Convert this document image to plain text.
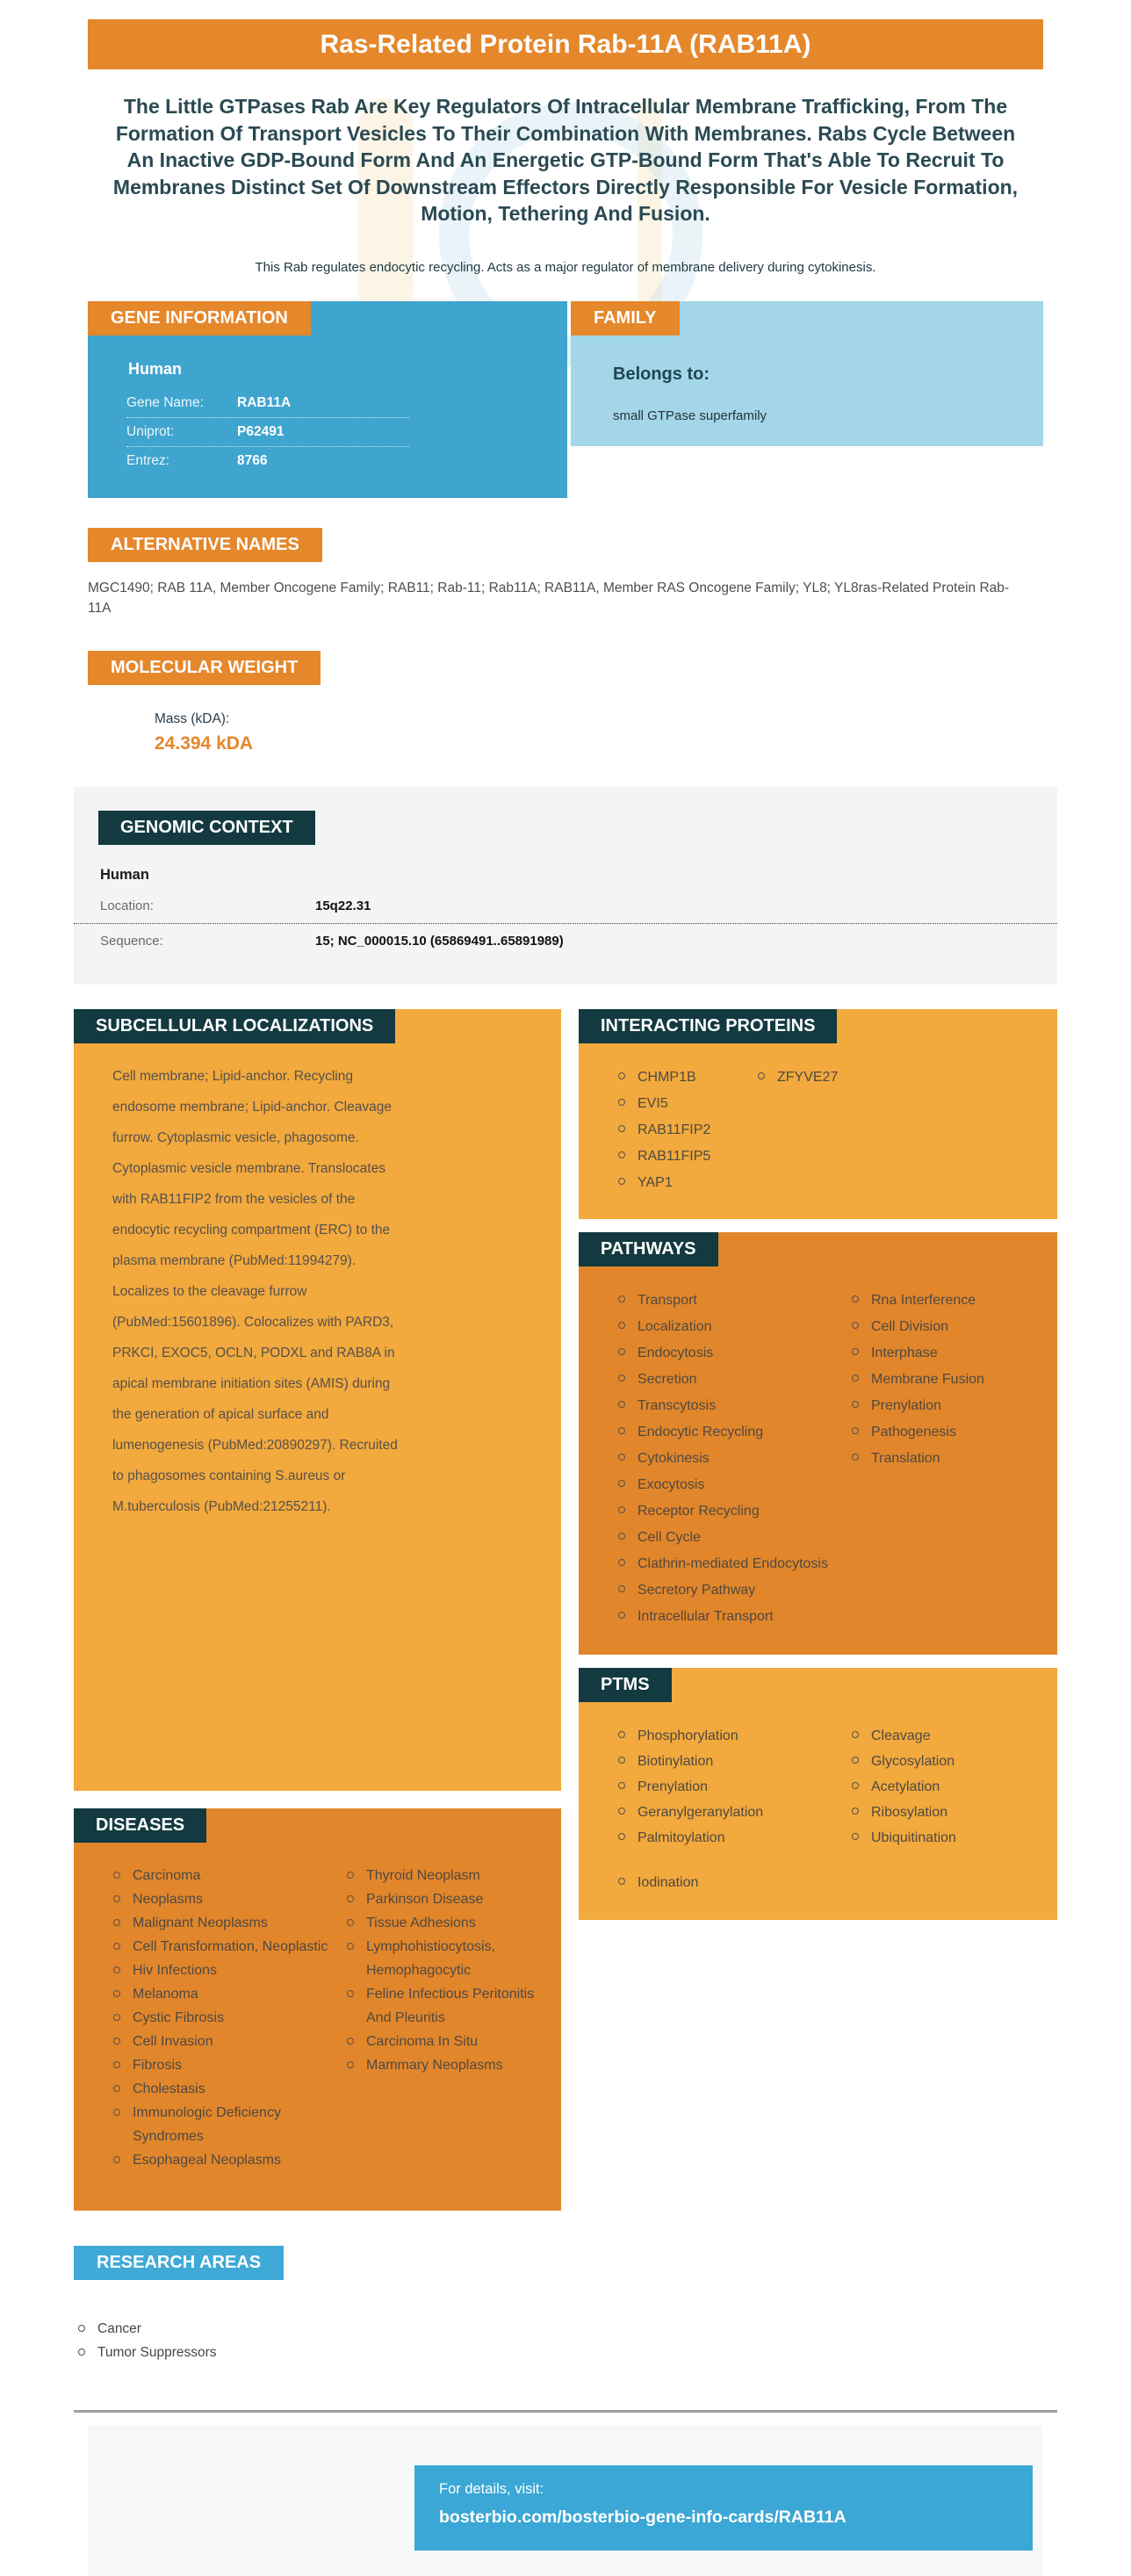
Ras-Related Protein Rab-11A (RAB11A)
The Little GTPases Rab Are Key Regulators Of Intracellular Membrane Trafficking, From The Formation Of Transport Vesicles To Their Combination With Membranes. Rabs Cycle Between An Inactive GDP-Bound Form And An Energetic GTP-Bound Form That's Able To Recruit To Membranes Distinct Set Of Downstream Effectors Directly Responsible For Vesicle Formation, Motion, Tethering And Fusion.
This Rab regulates endocytic recycling. Acts as a major regulator of membrane delivery during cytokinesis.
GENE INFORMATION
Human
Gene Name:	RAB11A
Uniprot:	P62491
Entrez:	8766
FAMILY
Belongs to:
small GTPase superfamily
ALTERNATIVE NAMES
MGC1490; RAB 11A, Member Oncogene Family; RAB11; Rab-11; Rab11A; RAB11A, Member RAS Oncogene Family; YL8; YL8ras-Related Protein Rab-11A
MOLECULAR WEIGHT
Mass (kDA):
24.394 kDA
GENOMIC CONTEXT
Human
Location:	15q22.31
Sequence:	15; NC_000015.10 (65869491..65891989)
SUBCELLULAR LOCALIZATIONS
Cell membrane; Lipid-anchor. Recycling endosome membrane; Lipid-anchor. Cleavage furrow. Cytoplasmic vesicle, phagosome. Cytoplasmic vesicle membrane. Translocates with RAB11FIP2 from the vesicles of the endocytic recycling compartment (ERC) to the plasma membrane (PubMed:11994279). Localizes to the cleavage furrow (PubMed:15601896). Colocalizes with PARD3, PRKCI, EXOC5, OCLN, PODXL and RAB8A in apical membrane initiation sites (AMIS) during the generation of apical surface and lumenogenesis (PubMed:20890297). Recruited to phagosomes containing S.aureus or M.tuberculosis (PubMed:21255211).
DISEASES
Carcinoma
Neoplasms
Malignant Neoplasms
Cell Transformation, Neoplastic
Hiv Infections
Melanoma
Cystic Fibrosis
Cell Invasion
Fibrosis
Cholestasis
Immunologic Deficiency Syndromes
Esophageal Neoplasms
Thyroid Neoplasm
Parkinson Disease
Tissue Adhesions
Lymphohistiocytosis, Hemophagocytic
Feline Infectious Peritonitis And Pleuritis
Carcinoma In Situ
Mammary Neoplasms
INTERACTING PROTEINS
CHMP1B
EVI5
RAB11FIP2
RAB11FIP5
YAP1
ZFYVE27
PATHWAYS
Transport
Localization
Endocytosis
Secretion
Transcytosis
Endocytic Recycling
Cytokinesis
Exocytosis
Receptor Recycling
Cell Cycle
Clathrin-mediated Endocytosis
Secretory Pathway
Intracellular Transport
Rna Interference
Cell Division
Interphase
Membrane Fusion
Prenylation
Pathogenesis
Translation
PTMS
Phosphorylation
Biotinylation
Prenylation
Geranylgeranylation
Palmitoylation
Iodination
Cleavage
Glycosylation
Acetylation
Ribosylation
Ubiquitination
RESEARCH AREAS
Cancer
Tumor Suppressors
For details, visit:
bosterbio.com/bosterbio-gene-info-cards/RAB11A
